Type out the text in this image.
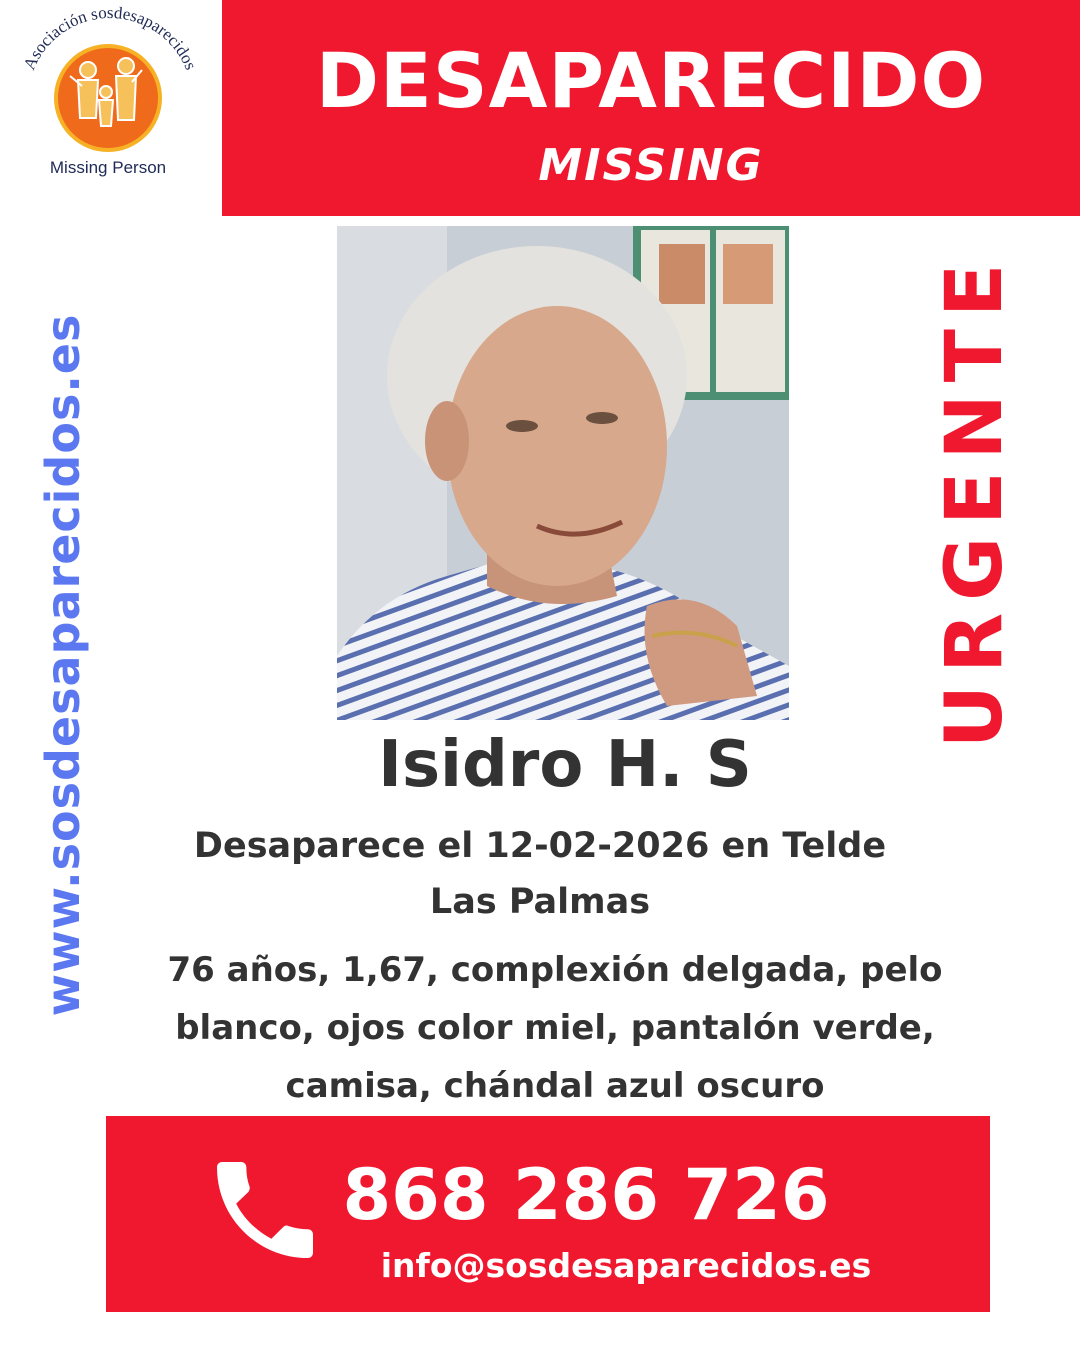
Asociación sosdesaparecidos
Missing Person
DESAPARECIDO
MISSING
www.sosdesaparecidos.es	URGENTE
Isidro H. S
Desaparece el 12-02-2026 en Telde
Las Palmas
76 años, 1,67, complexión delgada, pelo
blanco, ojos color miel, pantalón verde,
camisa, chándal azul oscuro
868 286 726
info@sosdesaparecidos.es
